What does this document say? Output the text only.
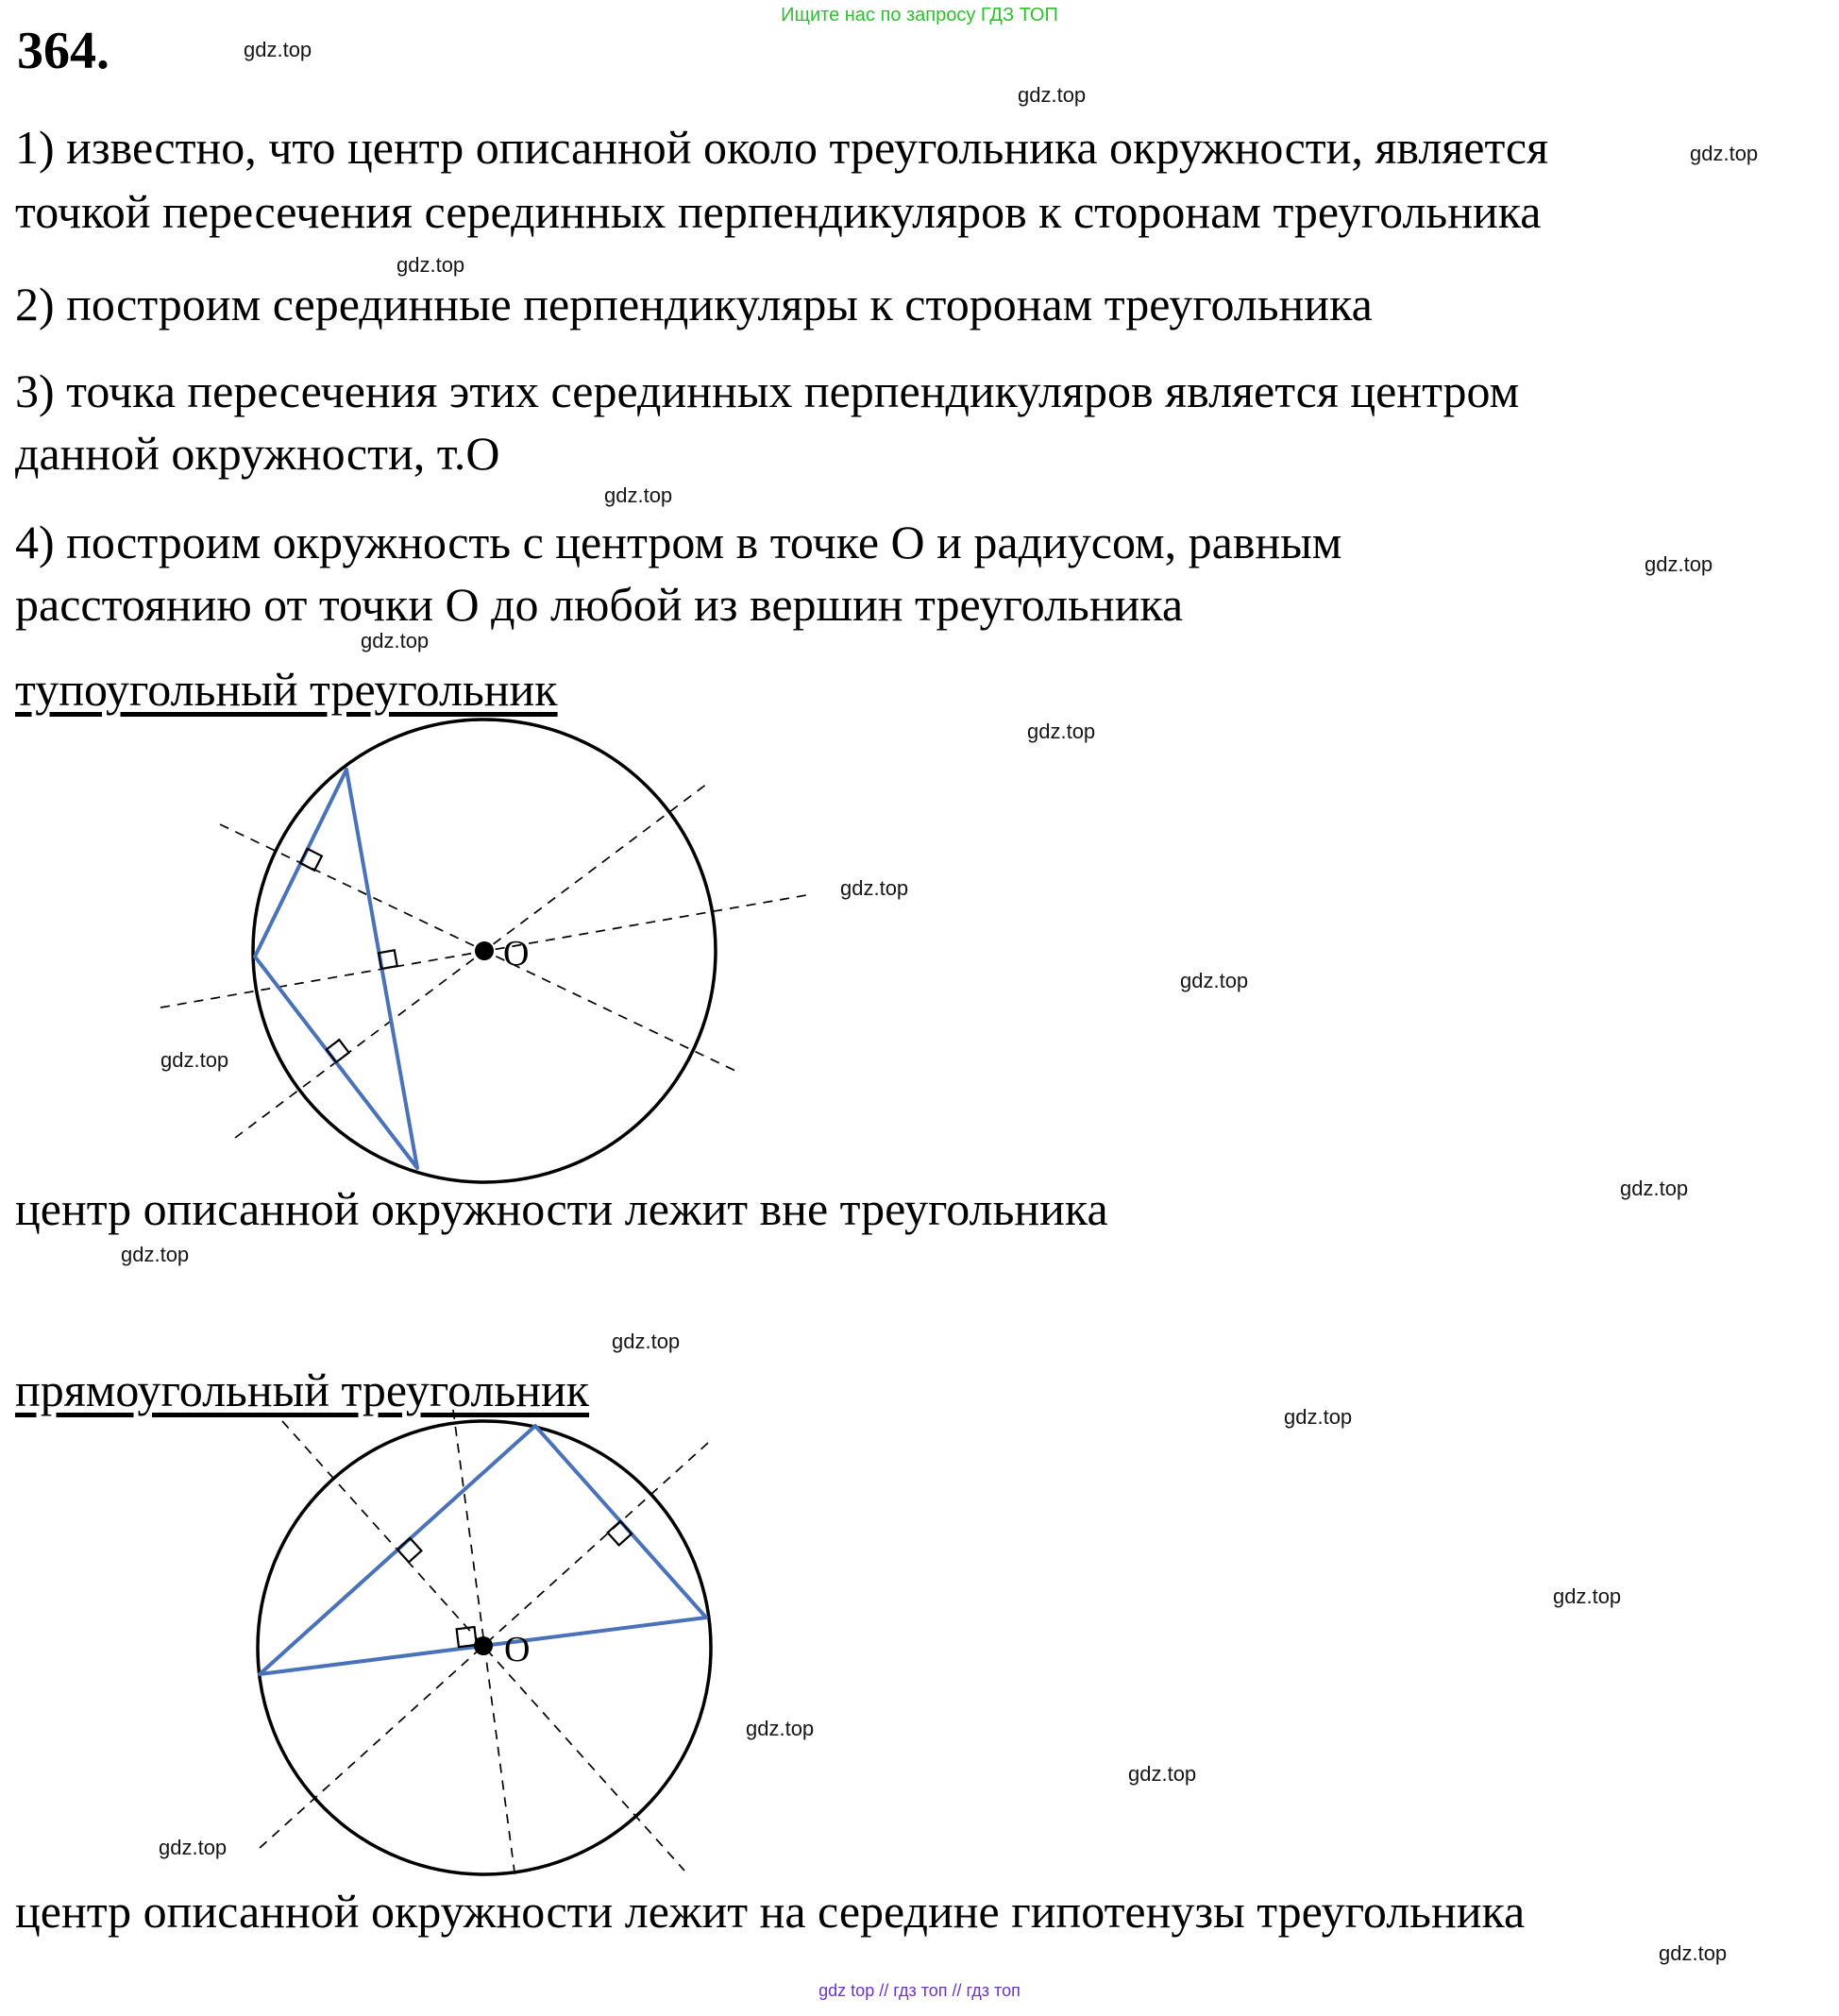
Ищите нас по запросу ГДЗ ТОП
364.
1) известно, что центр описанной около треугольника окружности, является
точкой пересечения серединных перпендикуляров к сторонам треугольника
2) построим серединные перпендикуляры к сторонам треугольника
3) точка пересечения этих серединных перпендикуляров является центром
данной окружности, т.О
4) построим окружность с центром в точке О и радиусом, равным
расстоянию от точки О до любой из вершин треугольника
тупоугольный треугольник
O
центр описанной окружности лежит вне треугольника
прямоугольный треугольник
O
центр описанной окружности лежит на середине гипотенузы треугольника
gdz.top
gdz.top
gdz.top
gdz.top
gdz.top
gdz.top
gdz.top
gdz.top
gdz.top
gdz.top
gdz.top
gdz.top
gdz.top
gdz.top
gdz.top
gdz.top
gdz.top
gdz.top
gdz.top
gdz.top
gdz top // гдз топ // гдз топ
